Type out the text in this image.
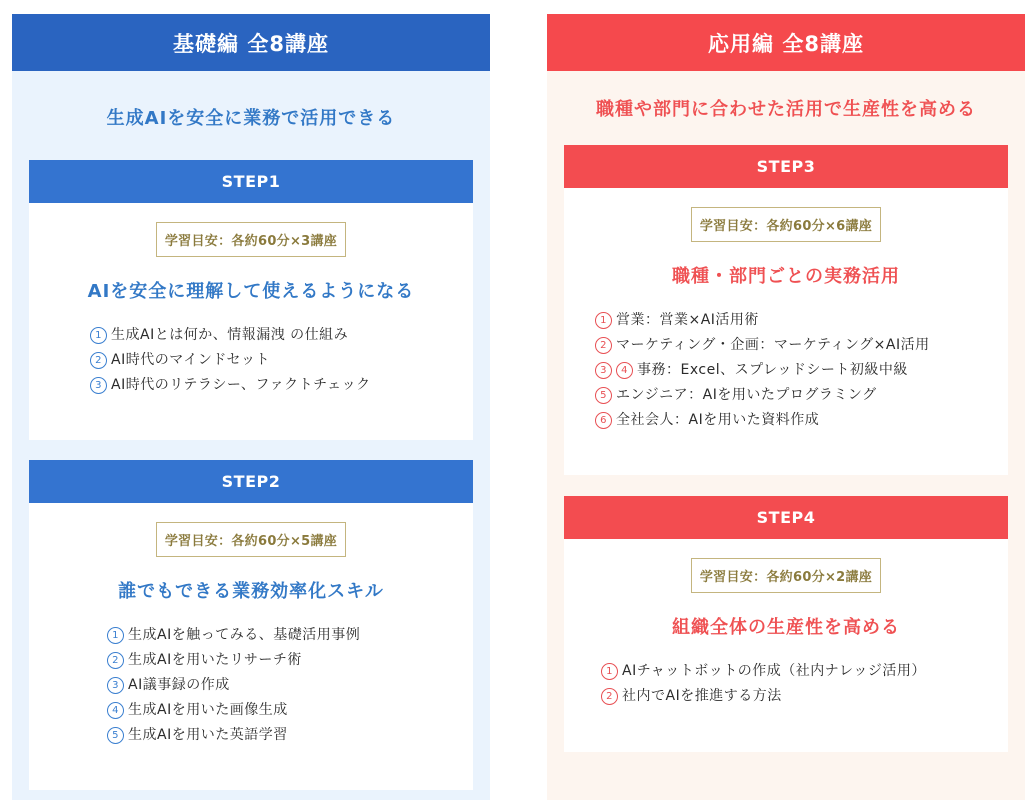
基礎編 全8講座
生成AIを安全に業務で活用できる
STEP1
学習目安：各約60分×3講座
AIを安全に理解して使えるようになる
1 生成AIとは何か、情報漏洩 の仕組み
2 AI時代のマインドセット
3 AI時代のリテラシー、ファクトチェック
STEP2
学習目安：各約60分×5講座
誰でもできる業務効率化スキル
1 生成AIを触ってみる、基礎活用事例
2 生成AIを用いたリサーチ術
3 AI議事録の作成
4 生成AIを用いた画像生成
5 生成AIを用いた英語学習
応用編 全8講座
職種や部門に合わせた活用で生産性を高める
STEP3
学習目安：各約60分×6講座
職種・部門ごとの実務活用
1 営業：営業×AI活用術
2 マーケティング・企画：マーケティング×AI活用
3 4 事務：Excel、スプレッドシート初級中級
5 エンジニア：AIを用いたプログラミング
6 全社会人：AIを用いた資料作成
STEP4
学習目安：各約60分×2講座
組織全体の生産性を高める
1 AIチャットボットの作成（社内ナレッジ活用）
2 社内でAIを推進する方法
